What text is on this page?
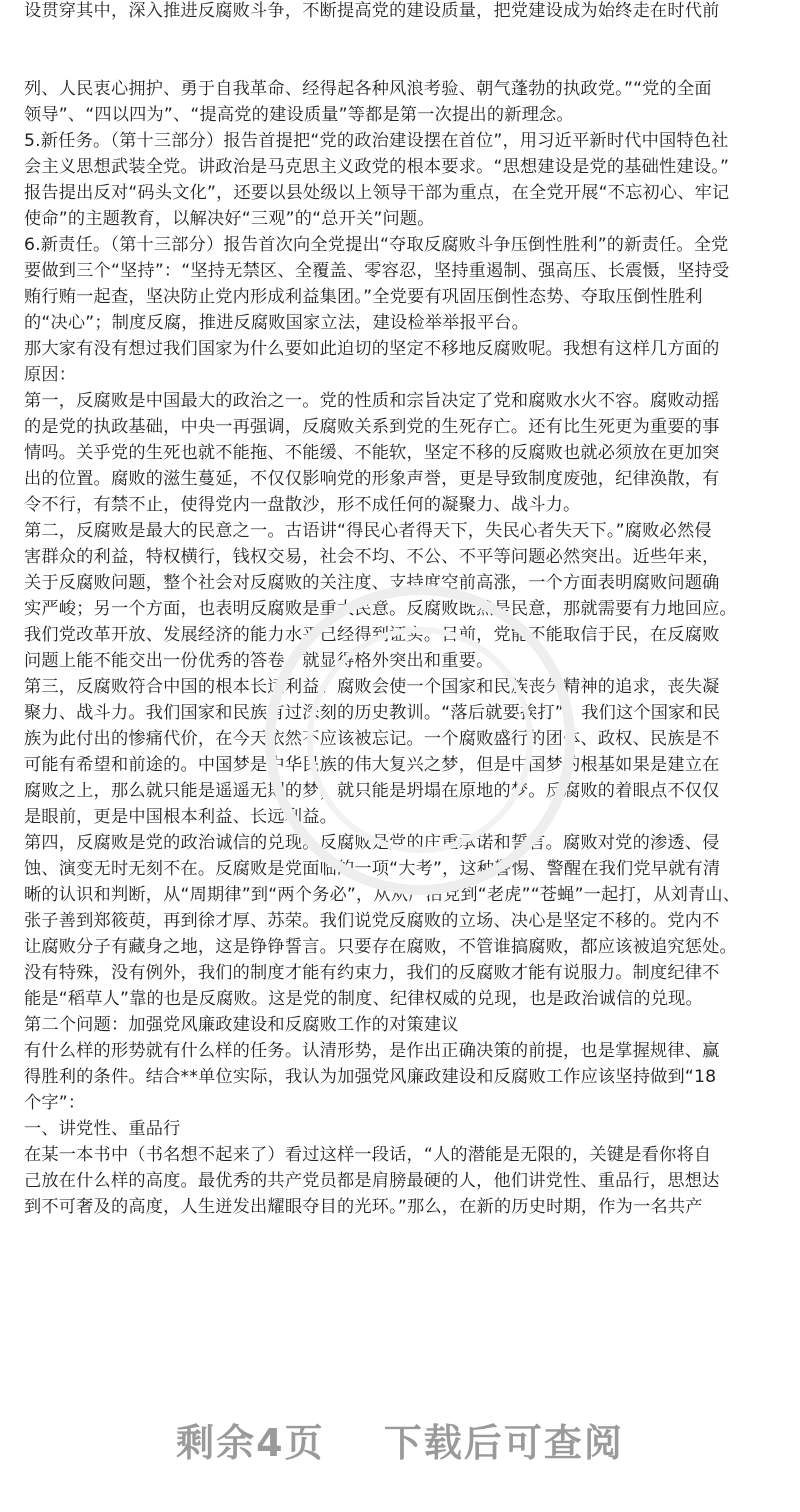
设贯穿其中，深入推进反腐败斗争，不断提高党的建设质量，把党建设成为始终走在时代前
列、人民衷心拥护、勇于自我革命、经得起各种风浪考验、朝气蓬勃的执政党。”“党的全面
领导”、“四以四为”、“提高党的建设质量”等都是第一次提出的新理念。
5.新任务。（第十三部分）报告首提把“党的政治建设摆在首位”，用习近平新时代中国特色社
会主义思想武装全党。讲政治是马克思主义政党的根本要求。“思想建设是党的基础性建设。”
报告提出反对“码头文化”，还要以县处级以上领导干部为重点，在全党开展“不忘初心、牢记
使命”的主题教育，以解决好“三观”的“总开关”问题。
6.新责任。（第十三部分）报告首次向全党提出“夺取反腐败斗争压倒性胜利”的新责任。全党
要做到三个“坚持”：“坚持无禁区、全覆盖、零容忍，坚持重遏制、强高压、长震慑，坚持受
贿行贿一起查，坚决防止党内形成利益集团。”全党要有巩固压倒性态势、夺取压倒性胜利
的“决心”；制度反腐，推进反腐败国家立法，建设检举举报平台。
那大家有没有想过我们国家为什么要如此迫切的坚定不移地反腐败呢。我想有这样几方面的
原因：
第一，反腐败是中国最大的政治之一。党的性质和宗旨决定了党和腐败水火不容。腐败动摇
的是党的执政基础，中央一再强调，反腐败关系到党的生死存亡。还有比生死更为重要的事
情吗。关乎党的生死也就不能拖、不能缓、不能软，坚定不移的反腐败也就必须放在更加突
出的位置。腐败的滋生蔓延，不仅仅影响党的形象声誉，更是导致制度废弛，纪律涣散，有
令不行，有禁不止，使得党内一盘散沙，形不成任何的凝聚力、战斗力。
第二，反腐败是最大的民意之一。古语讲“得民心者得天下，失民心者失天下。”腐败必然侵
害群众的利益，特权横行，钱权交易，社会不均、不公、不平等问题必然突出。近些年来，
关于反腐败问题，整个社会对反腐败的关注度、支持度空前高涨，一个方面表明腐败问题确
实严峻；另一个方面，也表明反腐败是重大民意。反腐败既然是民意，那就需要有力地回应。
我们党改革开放、发展经济的能力水平已经得到证实。目前，党能不能取信于民，在反腐败
问题上能不能交出一份优秀的答卷，就显得格外突出和重要。
第三，反腐败符合中国的根本长远利益。腐败会使一个国家和民族丧失精神的追求，丧失凝
聚力、战斗力。我们国家和民族有过深刻的历史教训。“落后就要挨打”，我们这个国家和民
族为此付出的惨痛代价，在今天依然不应该被忘记。一个腐败盛行的团体、政权、民族是不
可能有希望和前途的。中国梦是中华民族的伟大复兴之梦，但是中国梦的根基如果是建立在
腐败之上，那么就只能是遥遥无期的梦，就只能是坍塌在原地的梦。反腐败的着眼点不仅仅
是眼前，更是中国根本利益、长远利益。
第四，反腐败是党的政治诚信的兑现。反腐败是党的庄重承诺和誓言。腐败对党的渗透、侵
蚀、演变无时无刻不在。反腐败是党面临的一项“大考”，这种警惕、警醒在我们党早就有清
晰的认识和判断，从“周期律”到“两个务必”，从从严治党到“老虎”“苍蝇”一起打，从刘青山、
张子善到郑筱萸，再到徐才厚、苏荣。我们说党反腐败的立场、决心是坚定不移的。党内不
让腐败分子有藏身之地，这是铮铮誓言。只要存在腐败，不管谁搞腐败，都应该被追究惩处。
没有特殊，没有例外，我们的制度才能有约束力，我们的反腐败才能有说服力。制度纪律不
能是“稻草人”靠的也是反腐败。这是党的制度、纪律权威的兑现，也是政治诚信的兑现。
第二个问题：加强党风廉政建设和反腐败工作的对策建议
有什么样的形势就有什么样的任务。认清形势，是作出正确决策的前提，也是掌握规律、赢
得胜利的条件。结合**单位实际，我认为加强党风廉政建设和反腐败工作应该坚持做到“18
个字”：
一、讲党性、重品行
在某一本书中（书名想不起来了）看过这样一段话，“人的潜能是无限的，关键是看你将自
己放在什么样的高度。最优秀的共产党员都是肩膀最硬的人，他们讲党性、重品行，思想达
到不可奢及的高度，人生迸发出耀眼夺目的光环。”那么，在新的历史时期，作为一名共产
剩余4页 下载后可查阅
